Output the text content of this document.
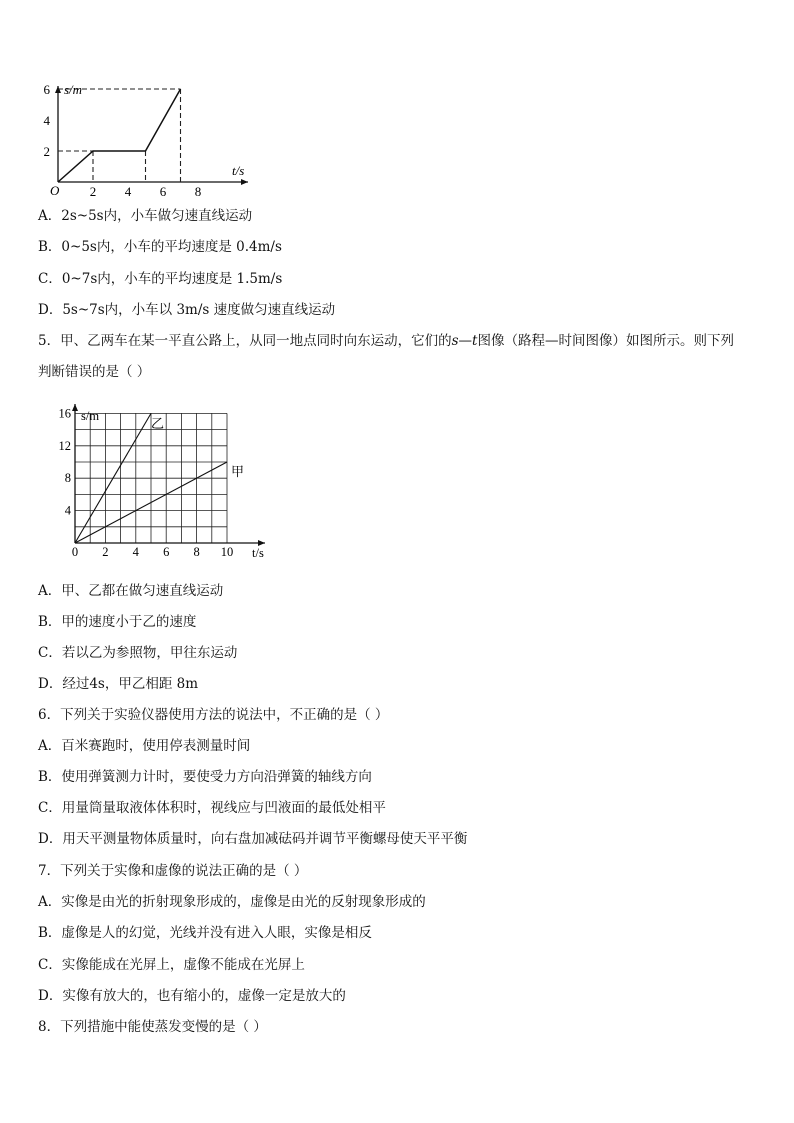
2
4
6
2 4 6 8
s/m
t/s
O
A．2s~5s内，小车做匀速直线运动
B．0~5s内，小车的平均速度是 0.4m/s
C．0~7s内，小车的平均速度是 1.5m/s
D．5s~7s内，小车以 3m/s 速度做匀速直线运动
5．甲、乙两车在某一平直公路上，从同一地点同时向东运动，它们的s—t图像（路程—时间图像）如图所示。则下列
判断错误的是（ ）
4
8
12
16
0 2 4 6 8 10
s/m
t/s
乙
甲
A．甲、乙都在做匀速直线运动
B．甲的速度小于乙的速度
C．若以乙为参照物，甲往东运动
D．经过4s，甲乙相距 8m
6．下列关于实验仪器使用方法的说法中，不正确的是（ ）
A．百米赛跑时，使用停表测量时间
B．使用弹簧测力计时，要使受力方向沿弹簧的轴线方向
C．用量筒量取液体体积时，视线应与凹液面的最低处相平
D．用天平测量物体质量时，向右盘加减砝码并调节平衡螺母使天平平衡
7．下列关于实像和虚像的说法正确的是（ ）
A．实像是由光的折射现象形成的，虚像是由光的反射现象形成的
B．虚像是人的幻觉，光线并没有进入人眼，实像是相反
C．实像能成在光屏上，虚像不能成在光屏上
D．实像有放大的，也有缩小的，虚像一定是放大的
8．下列措施中能使蒸发变慢的是（ ）
